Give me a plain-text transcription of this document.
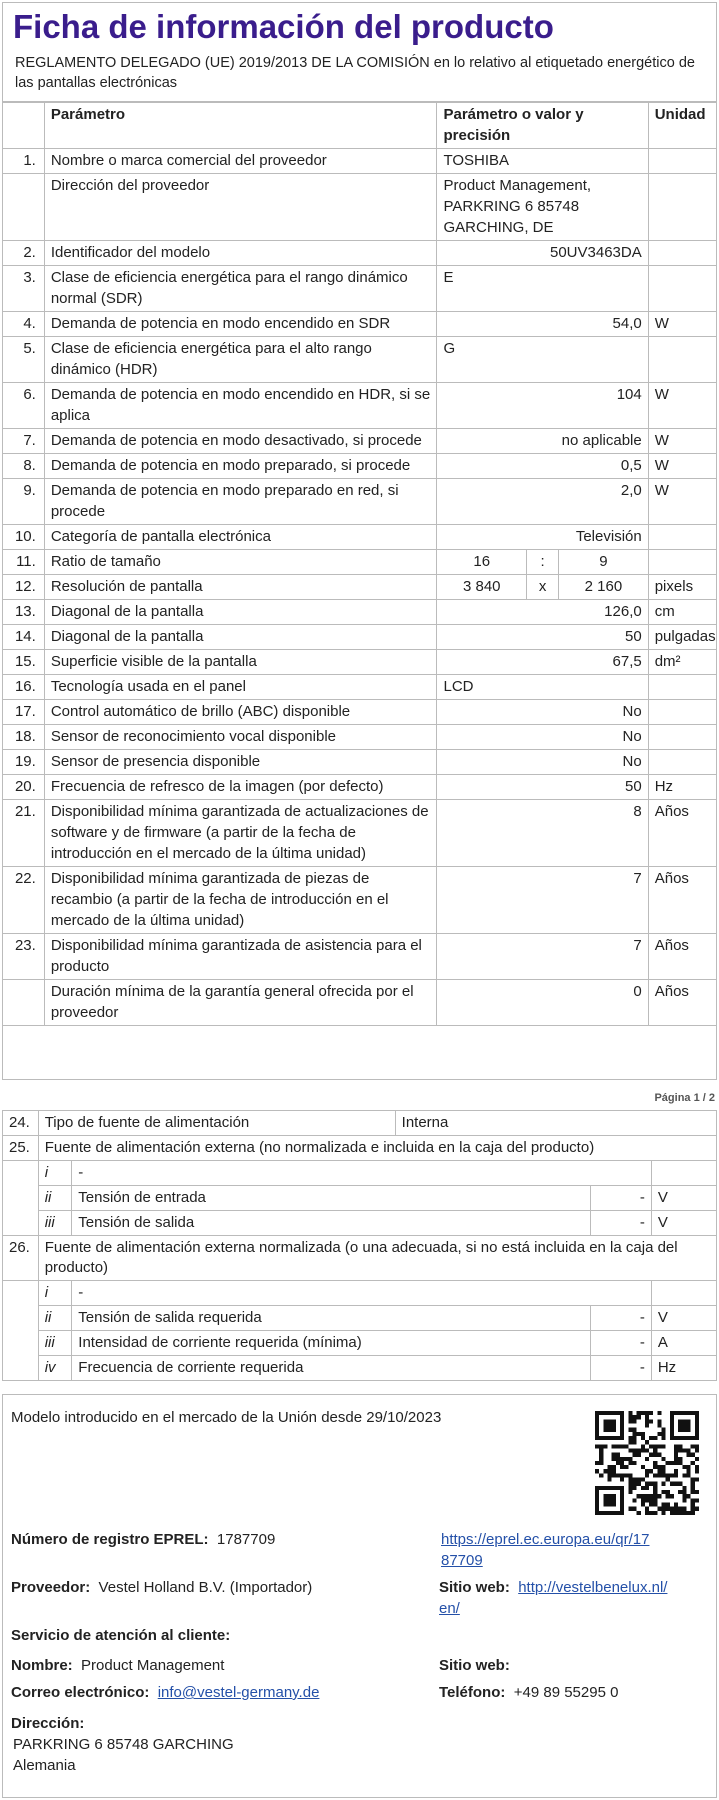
Ficha de información del producto
REGLAMENTO DELEGADO (UE) 2019/2013 DE LA COMISIÓN en lo relativo al etiquetado energético de las pantallas electrónicas
	Parámetro	Parámetro o valor y precisión			Unidad
1.	Nombre o marca comercial del proveedor	TOSHIBA			
	Dirección del proveedor	Product Management, PARKRING 6 85748 GARCHING, DE			
2.	Identificador del modelo	50UV3463DA			
3.	Clase de eficiencia energética para el rango dinámico normal (SDR)	E			
4.	Demanda de potencia en modo encendido en SDR	54,0			W
5.	Clase de eficiencia energética para el alto rango dinámico (HDR)	G			
6.	Demanda de potencia en modo encendido en HDR, si se aplica	104			W
7.	Demanda de potencia en modo desactivado, si procede	no aplicable			W
8.	Demanda de potencia en modo preparado, si procede	0,5			W
9.	Demanda de potencia en modo preparado en red, si procede	2,0			W
10.	Categoría de pantalla electrónica	Televisión			
11.	Ratio de tamaño	16	:	9	
12.	Resolución de pantalla	3 840	x	2 160	pixels
13.	Diagonal de la pantalla	126,0			cm
14.	Diagonal de la pantalla	50			pulgadas
15.	Superficie visible de la pantalla	67,5			dm²
16.	Tecnología usada en el panel	LCD			
17.	Control automático de brillo (ABC) disponible	No			
18.	Sensor de reconocimiento vocal disponible	No			
19.	Sensor de presencia disponible	No			
20.	Frecuencia de refresco de la imagen (por defecto)	50			Hz
21.	Disponibilidad mínima garantizada de actualizaciones de software y de firmware (a partir de la fecha de introducción en el mercado de la última unidad)	8			Años
22.	Disponibilidad mínima garantizada de piezas de recambio (a partir de la fecha de introducción en el mercado de la última unidad)	7			Años
23.	Disponibilidad mínima garantizada de asistencia para el producto	7			Años
	Duración mínima de la garantía general ofrecida por el proveedor	0			Años
Página 1 / 2
24.	Tipo de fuente de alimentación		Interna		
25.	Fuente de alimentación externa (no normalizada e incluida en la caja del producto)				
	i	-			
	ii	Tensión de entrada		-	V
	iii	Tensión de salida		-	V
26.	Fuente de alimentación externa normalizada (o una adecuada, si no está incluida en la caja del producto)				
	i	-			
	ii	Tensión de salida requerida		-	V
	iii	Intensidad de corriente requerida (mínima)		-	A
	iv	Frecuencia de corriente requerida		-	Hz
Modelo introducido en el mercado de la Unión desde 29/10/2023
Número de registro EPREL: 1787709	https://eprel.ec.europa.eu/qr/17
87709
Proveedor: Vestel Holland B.V. (Importador)	Sitio web: http://vestelbenelux.nl/
en/
Servicio de atención al cliente:
Nombre: Product Management	Sitio web:
Correo electrónico: info@vestel-germany.de	Teléfono: +49 89 55295 0
Dirección:
PARKRING 6 85748 GARCHING
Alemania
